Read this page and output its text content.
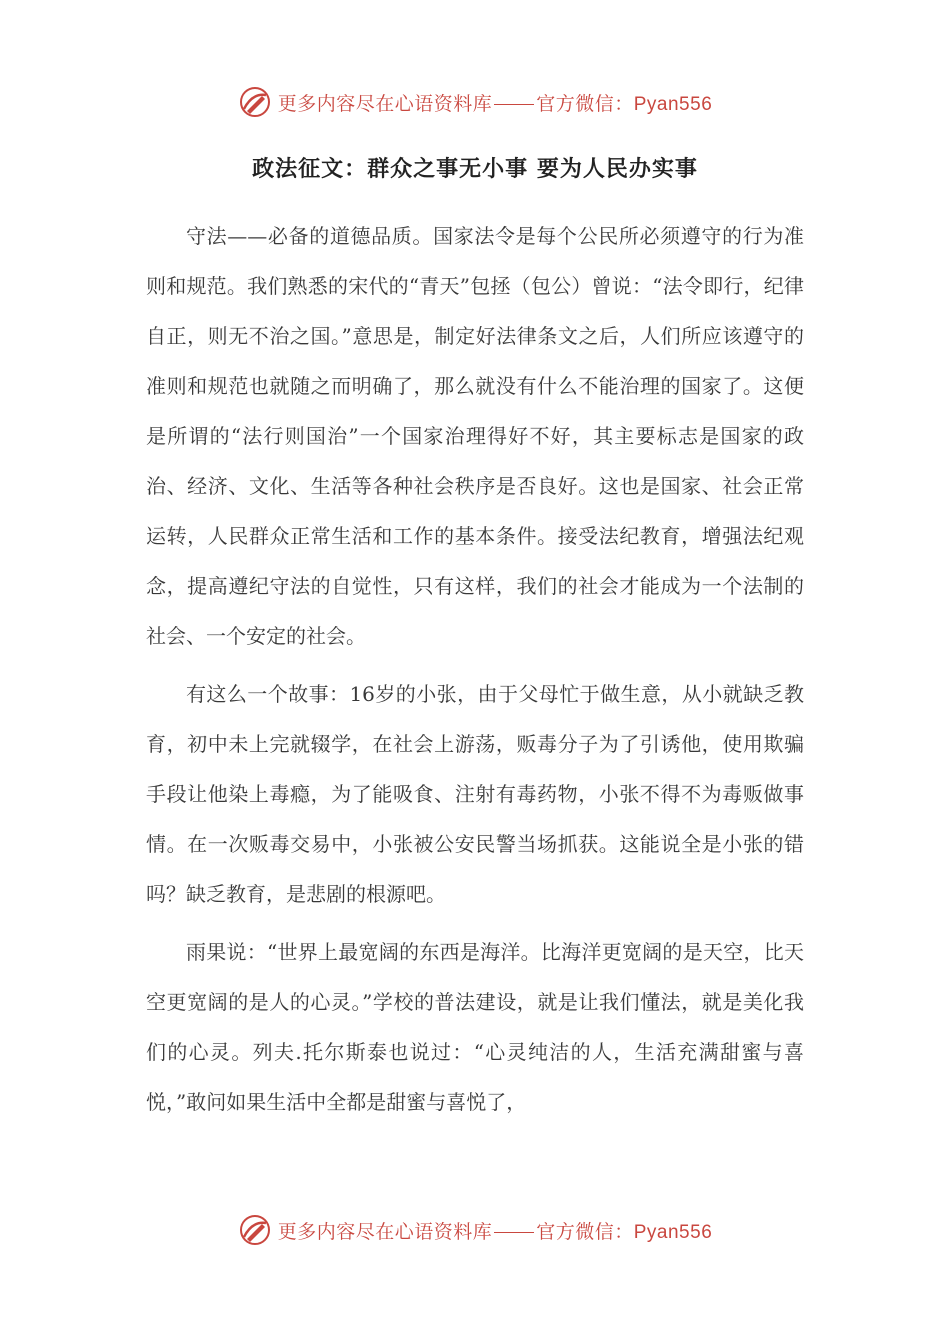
更多内容尽在心语资料库 官方微信：Pyan556
政法征文：群众之事无小事 要为人民办实事

守法——必备的道德品质。国家法令是每个公民所必须遵守的行为准则和规范。我们熟悉的宋代的“青天”包拯（包公）曾说：“法令即行，纪律自正，则无不治之国。”意思是，制定好法律条文之后，人们所应该遵守的准则和规范也就随之而明确了，那么就没有什么不能治理的国家了。这便是所谓的“法行则国治”一个国家治理得好不好，其主要标志是国家的政治、经济、文化、生活等各种社会秩序是否良好。这也是国家、社会正常运转，人民群众正常生活和工作的基本条件。接受法纪教育，增强法纪观念，提高遵纪守法的自觉性，只有这样，我们的社会才能成为一个法制的社会、一个安定的社会。

有这么一个故事：16岁的小张，由于父母忙于做生意，从小就缺乏教育，初中未上完就辍学，在社会上游荡，贩毒分子为了引诱他，使用欺骗手段让他染上毒瘾，为了能吸食、注射有毒药物，小张不得不为毒贩做事情。在一次贩毒交易中，小张被公安民警当场抓获。这能说全是小张的错吗？缺乏教育，是悲剧的根源吧。

雨果说：“世界上最宽阔的东西是海洋。比海洋更宽阔的是天空，比天空更宽阔的是人的心灵。”学校的普法建设，就是让我们懂法，就是美化我们的心灵。列夫.托尔斯泰也说过：“心灵纯洁的人，生活充满甜蜜与喜悦，”敢问如果生活中全都是甜蜜与喜悦了，

更多内容尽在心语资料库 官方微信：Pyan556
